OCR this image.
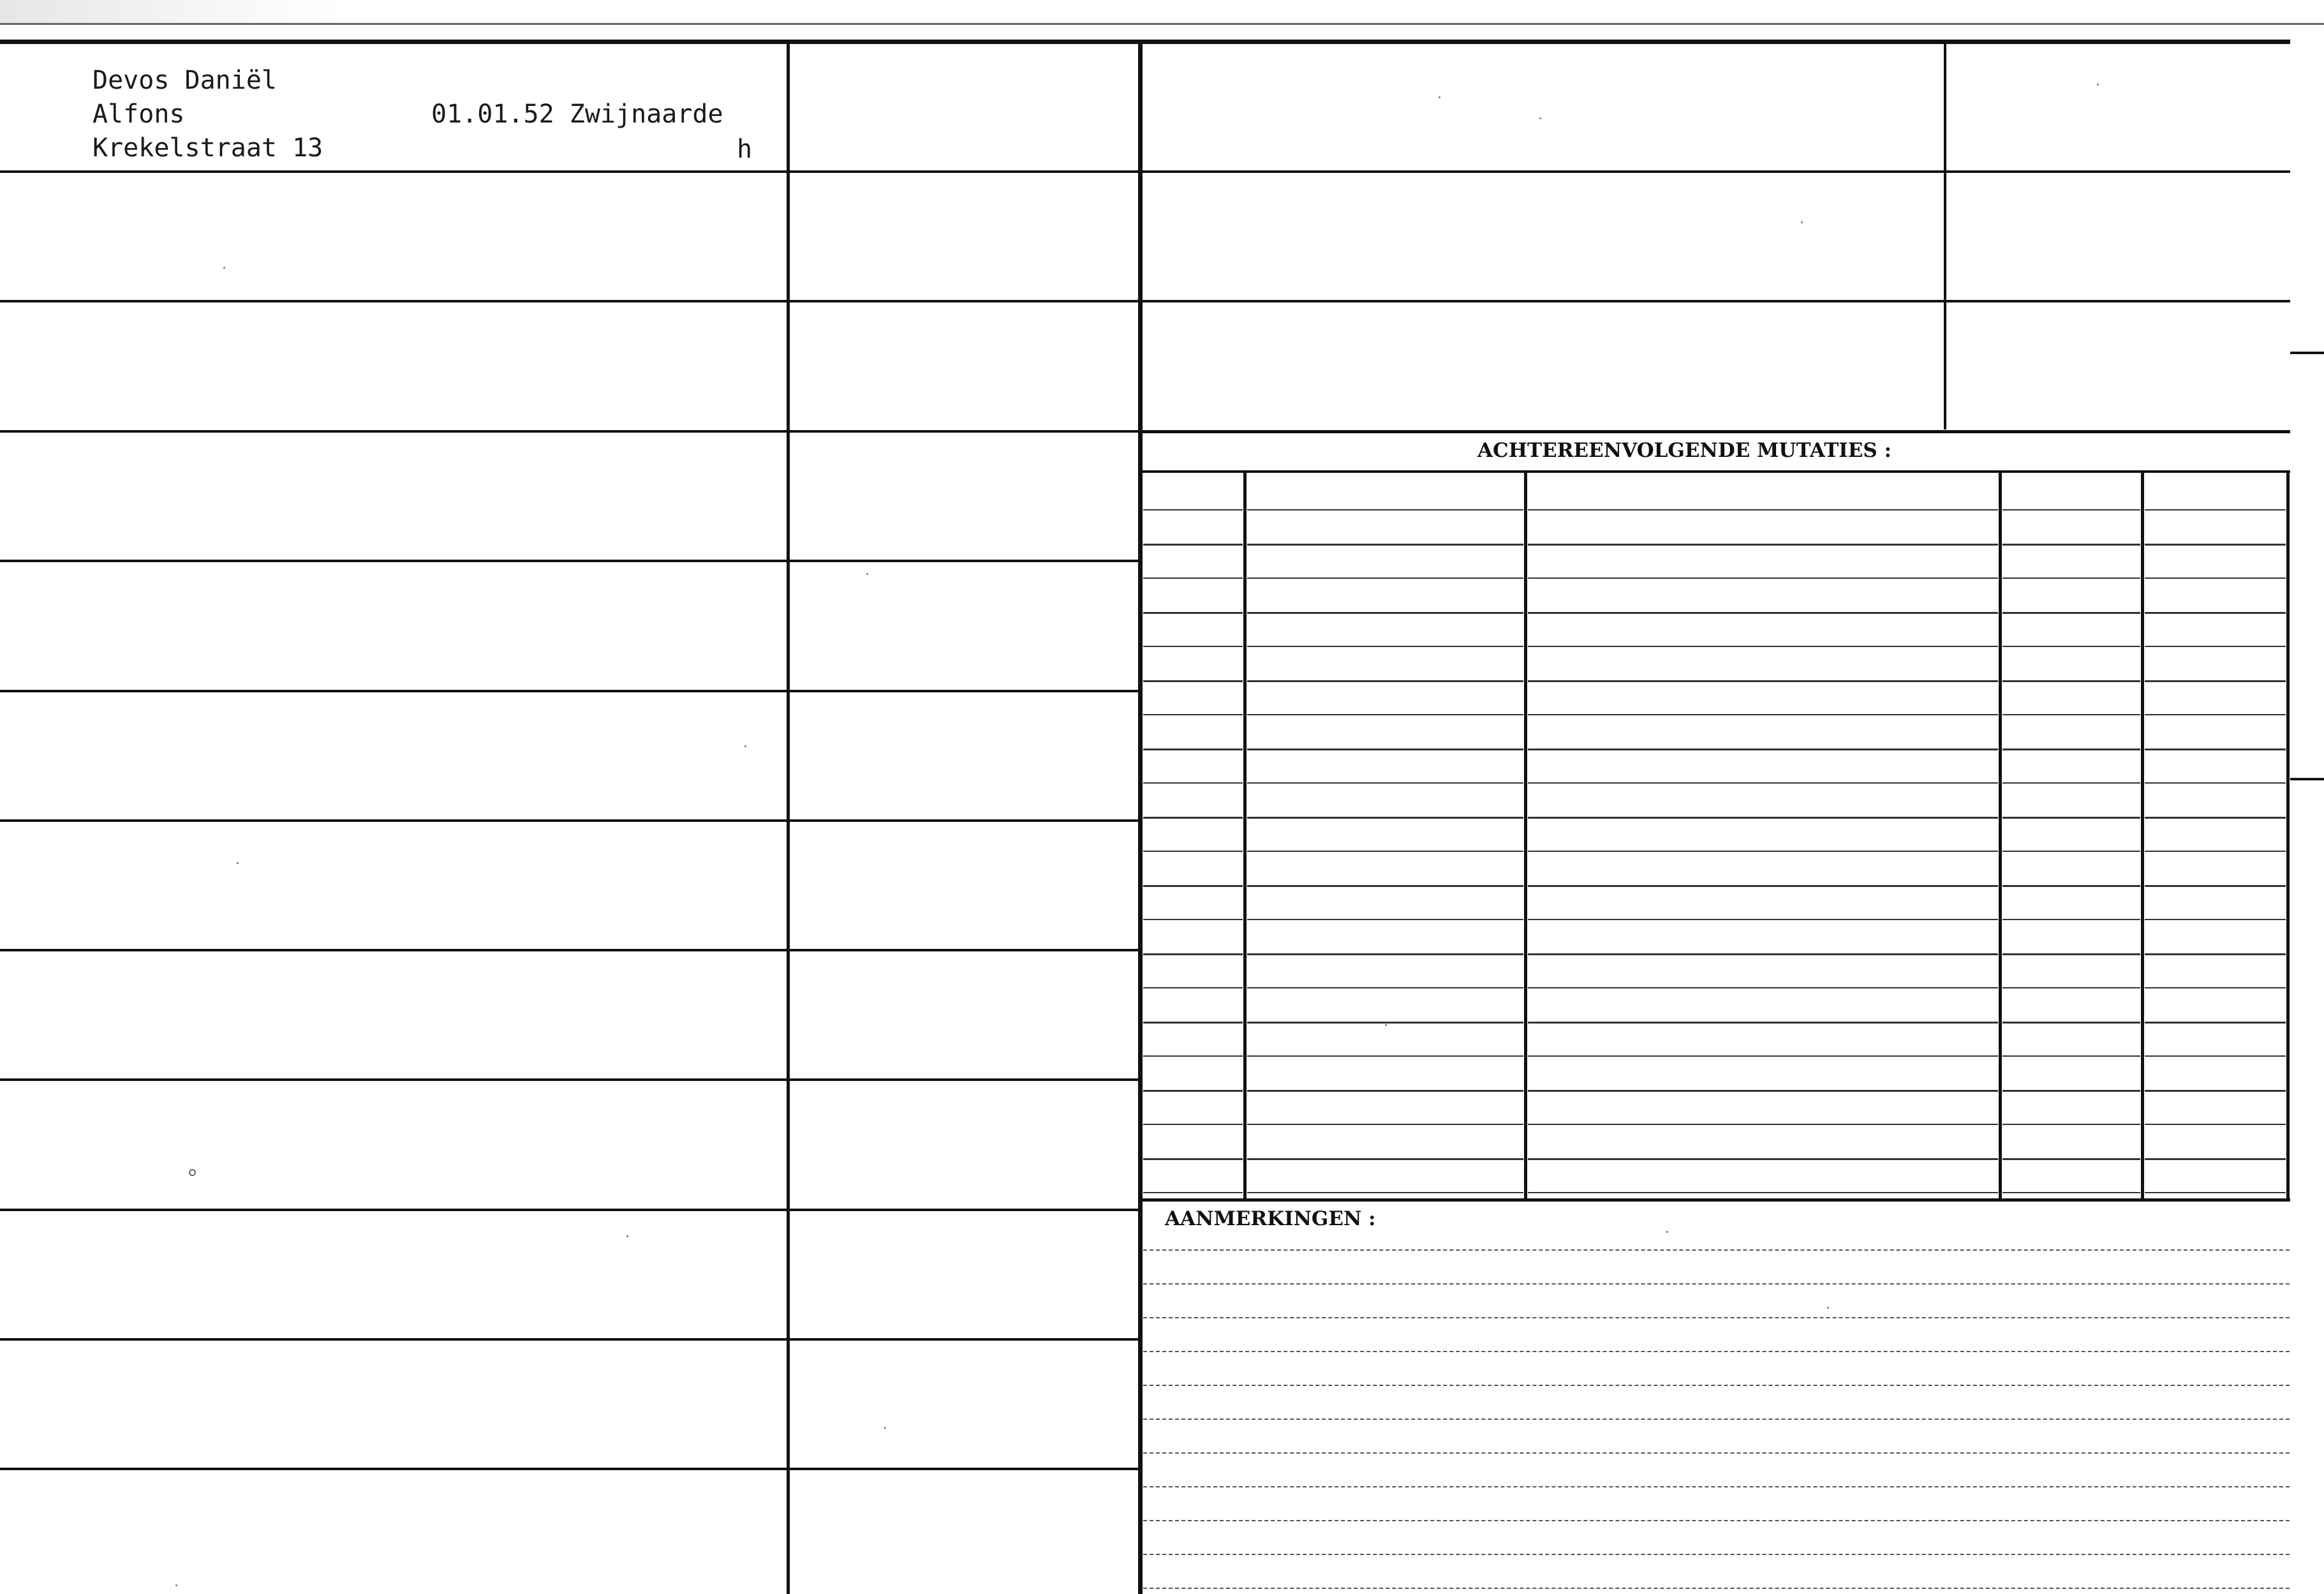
Devos Daniël
Alfons	01.01.52 Zwijnaarde
Krekelstraat 13	h
ACHTEREENVOLGENDE MUTATIES :
AANMERKINGEN :
